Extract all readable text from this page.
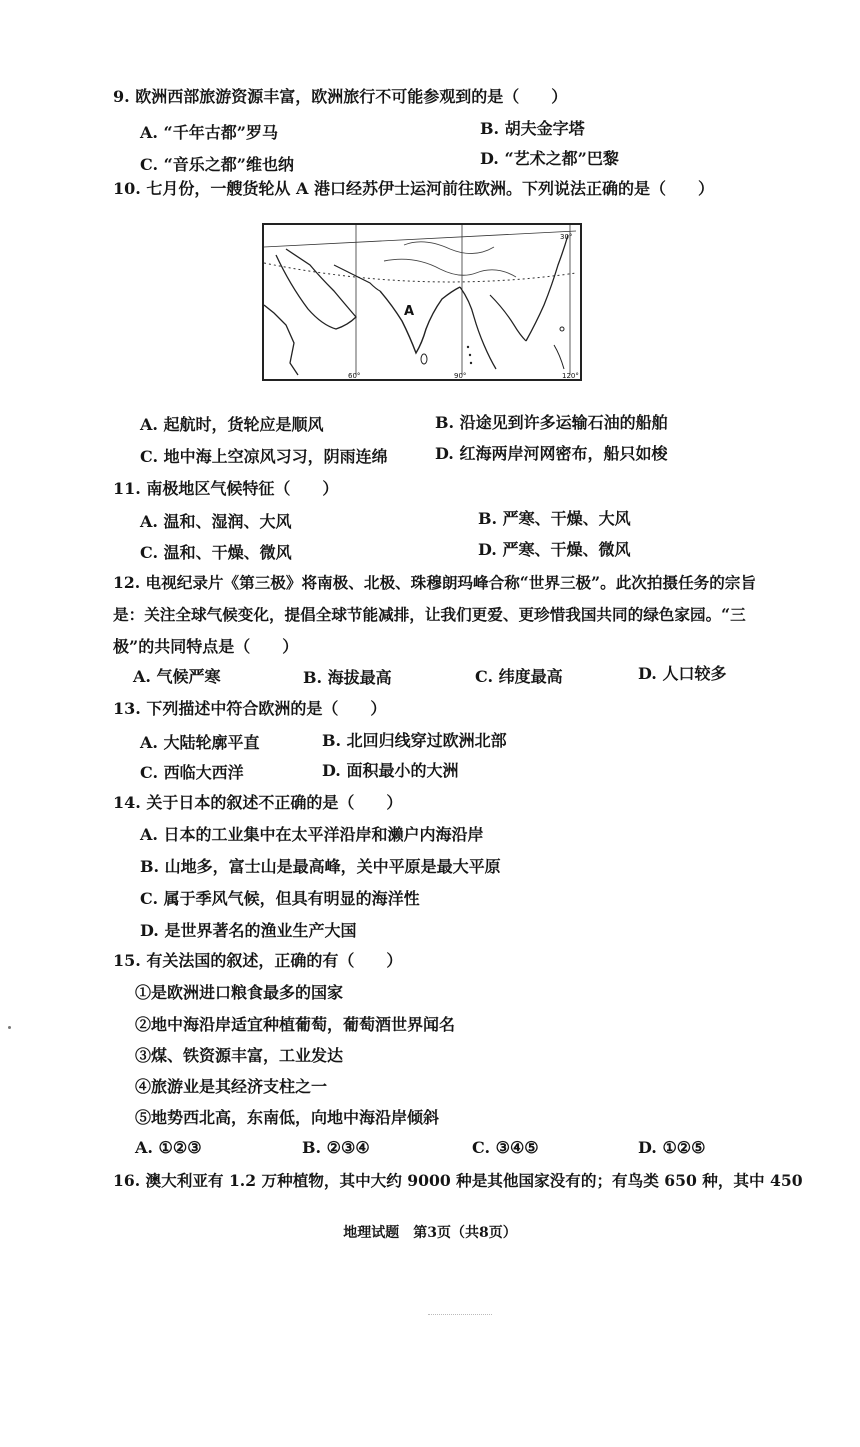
9. 欧洲西部旅游资源丰富，欧洲旅行不可能参观到的是（　　）
A. “千年古都”罗马	B. 胡夫金字塔
C. “音乐之都”维也纳	D. “艺术之都”巴黎
10. 七月份，一艘货轮从 A 港口经苏伊士运河前往欧洲。下列说法正确的是（　　）
A
60°	90°	120°
30°
A. 起航时，货轮应是顺风	B. 沿途见到许多运输石油的船舶
C. 地中海上空凉风习习，阴雨连绵	D. 红海两岸河网密布，船只如梭
11. 南极地区气候特征（　　）
A. 温和、湿润、大风	B. 严寒、干燥、大风
C. 温和、干燥、微风	D. 严寒、干燥、微风
12. 电视纪录片《第三极》将南极、北极、珠穆朗玛峰合称“世界三极”。此次拍摄任务的宗旨
是：关注全球气候变化，提倡全球节能减排，让我们更爱、更珍惜我国共同的绿色家园。“三
极”的共同特点是（　　）
A. 气候严寒	B. 海拔最高	C. 纬度最高	D. 人口较多
13. 下列描述中符合欧洲的是（　　）
A. 大陆轮廓平直	B. 北回归线穿过欧洲北部
C. 西临大西洋	D. 面积最小的大洲
14. 关于日本的叙述不正确的是（　　）
A. 日本的工业集中在太平洋沿岸和濑户内海沿岸
B. 山地多，富士山是最高峰，关中平原是最大平原
C. 属于季风气候，但具有明显的海洋性
D. 是世界著名的渔业生产大国
15. 有关法国的叙述，正确的有（　　）
①是欧洲进口粮食最多的国家
②地中海沿岸适宜种植葡萄，葡萄酒世界闻名
③煤、铁资源丰富，工业发达
④旅游业是其经济支柱之一
⑤地势西北高，东南低，向地中海沿岸倾斜
A. ①②③	B. ②③④	C. ③④⑤	D. ①②⑤
16. 澳大利亚有 1.2 万种植物，其中大约 9000 种是其他国家没有的；有鸟类 650 种，其中 450
地理试题　第3页（共8页）
